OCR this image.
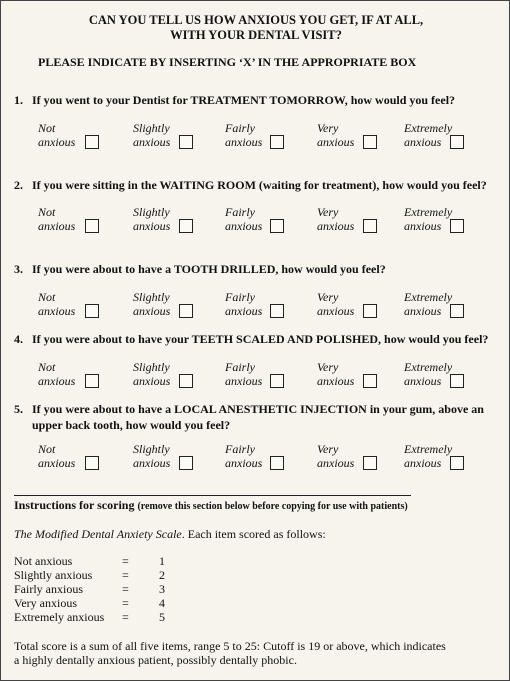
CAN YOU TELL US HOW ANXIOUS YOU GET, IF AT ALL,
WITH YOUR DENTAL VISIT?
PLEASE INDICATE BY INSERTING ‘X’ IN THE APPROPRIATE BOX
1. If you went to your Dentist for TREATMENT TOMORROW, how would you feel?
Not
anxious
Slightly
anxious
Fairly
anxious
Very
anxious
Extremely
anxious
2. If you were sitting in the WAITING ROOM (waiting for treatment), how would you feel?
Not
anxious
Slightly
anxious
Fairly
anxious
Very
anxious
Extremely
anxious
3. If you were about to have a TOOTH DRILLED, how would you feel?
Not
anxious
Slightly
anxious
Fairly
anxious
Very
anxious
Extremely
anxious
4. If you were about to have your TEETH SCALED AND POLISHED, how would you feel?
Not
anxious
Slightly
anxious
Fairly
anxious
Very
anxious
Extremely
anxious
5. If you were about to have a LOCAL ANESTHETIC INJECTION in your gum, above an upper back tooth, how would you feel?
Not
anxious
Slightly
anxious
Fairly
anxious
Very
anxious
Extremely
anxious
Instructions for scoring (remove this section below before copying for use with patients)
The Modified Dental Anxiety Scale. Each item scored as follows:
Not anxious	=	1
Slightly anxious =	2
Fairly anxious	=	3
Very anxious	=	4
Extremely anxious =	5
Total score is a sum of all five items, range 5 to 25: Cutoff is 19 or above, which indicates
a highly dentally anxious patient, possibly dentally phobic.
